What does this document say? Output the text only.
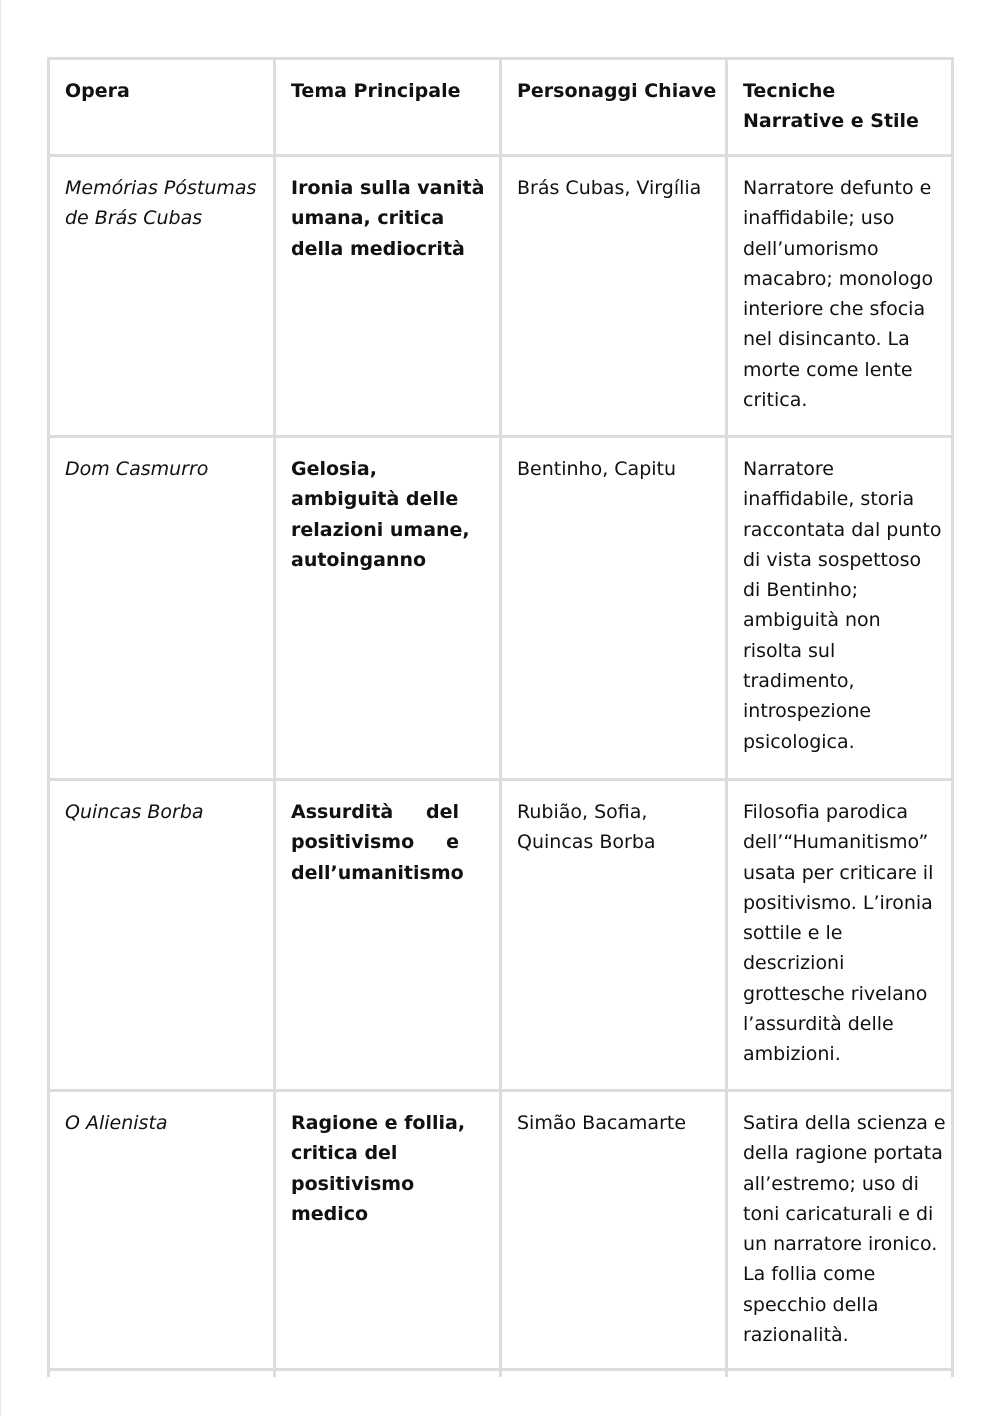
Opera	Tema Principale	Personaggi Chiave	Tecniche Narrative e Stile
Memórias Póstumas de Brás Cubas	Ironia sulla vanità umana, critica della mediocrità	Brás Cubas, Virgília	Narratore defunto e inaffidabile; uso dell’umorismo macabro; monologo interiore che sfocia nel disincanto. La morte come lente critica.
Dom Casmurro	Gelosia, ambiguità delle relazioni umane, autoinganno	Bentinho, Capitu	Narratore inaffidabile, storia raccontata dal punto di vista sospettoso di Bentinho; ambiguità non risolta sul tradimento, introspezione psicologica.
Quincas Borba	Assurdità del positivismo e dell’umanitismo	Rubião, Sofia, Quincas Borba	Filosofia parodica dell’“Humanitismo” usata per criticare il positivismo. L’ironia sottile e le descrizioni grottesche rivelano l’assurdità delle ambizioni.
O Alienista	Ragione e follia, critica del positivismo medico	Simão Bacamarte	Satira della scienza e della ragione portata all’estremo; uso di toni caricaturali e di un narratore ironico. La follia come specchio della razionalità.
